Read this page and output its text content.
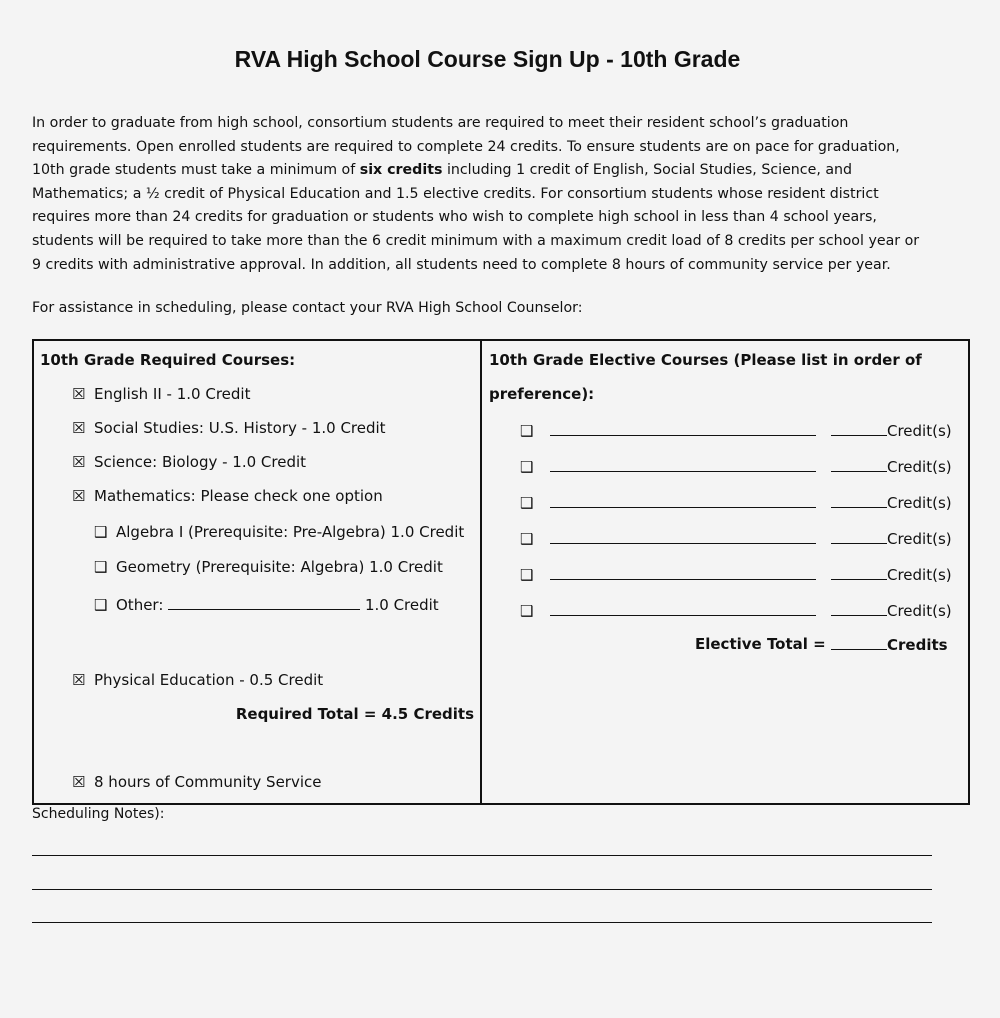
RVA High School Course Sign Up - 10th Grade
In order to graduate from high school, consortium students are required to meet their resident school’s graduation requirements. Open enrolled students are required to complete 24 credits. To ensure students are on pace for graduation, 10th grade students must take a minimum of six credits including 1 credit of English, Social Studies, Science, and Mathematics; a ½ credit of Physical Education and 1.5 elective credits. For consortium students whose resident district requires more than 24 credits for graduation or students who wish to complete high school in less than 4 school years, students will be required to take more than the 6 credit minimum with a maximum credit load of 8 credits per school year or 9 credits with administrative approval. In addition, all students need to complete 8 hours of community service per year.
For assistance in scheduling, please contact your RVA High School Counselor:
10th Grade Required Courses:
☒ English II - 1.0 Credit
☒ Social Studies: U.S. History - 1.0 Credit
☒ Science: Biology - 1.0 Credit
☒ Mathematics: Please check one option
❑ Algebra I (Prerequisite: Pre-Algebra) 1.0 Credit
❑ Geometry (Prerequisite: Algebra) 1.0 Credit
❑ Other:	1.0 Credit
☒ Physical Education - 0.5 Credit
Required Total = 4.5 Credits
☒ 8 hours of Community Service
10th Grade Elective Courses (Please list in order of
preference):
❑	Credit(s)
❑	Credit(s)
❑	Credit(s)
❑	Credit(s)
❑	Credit(s)
❑	Credit(s)
Elective Total =	Credits
Scheduling Notes):
